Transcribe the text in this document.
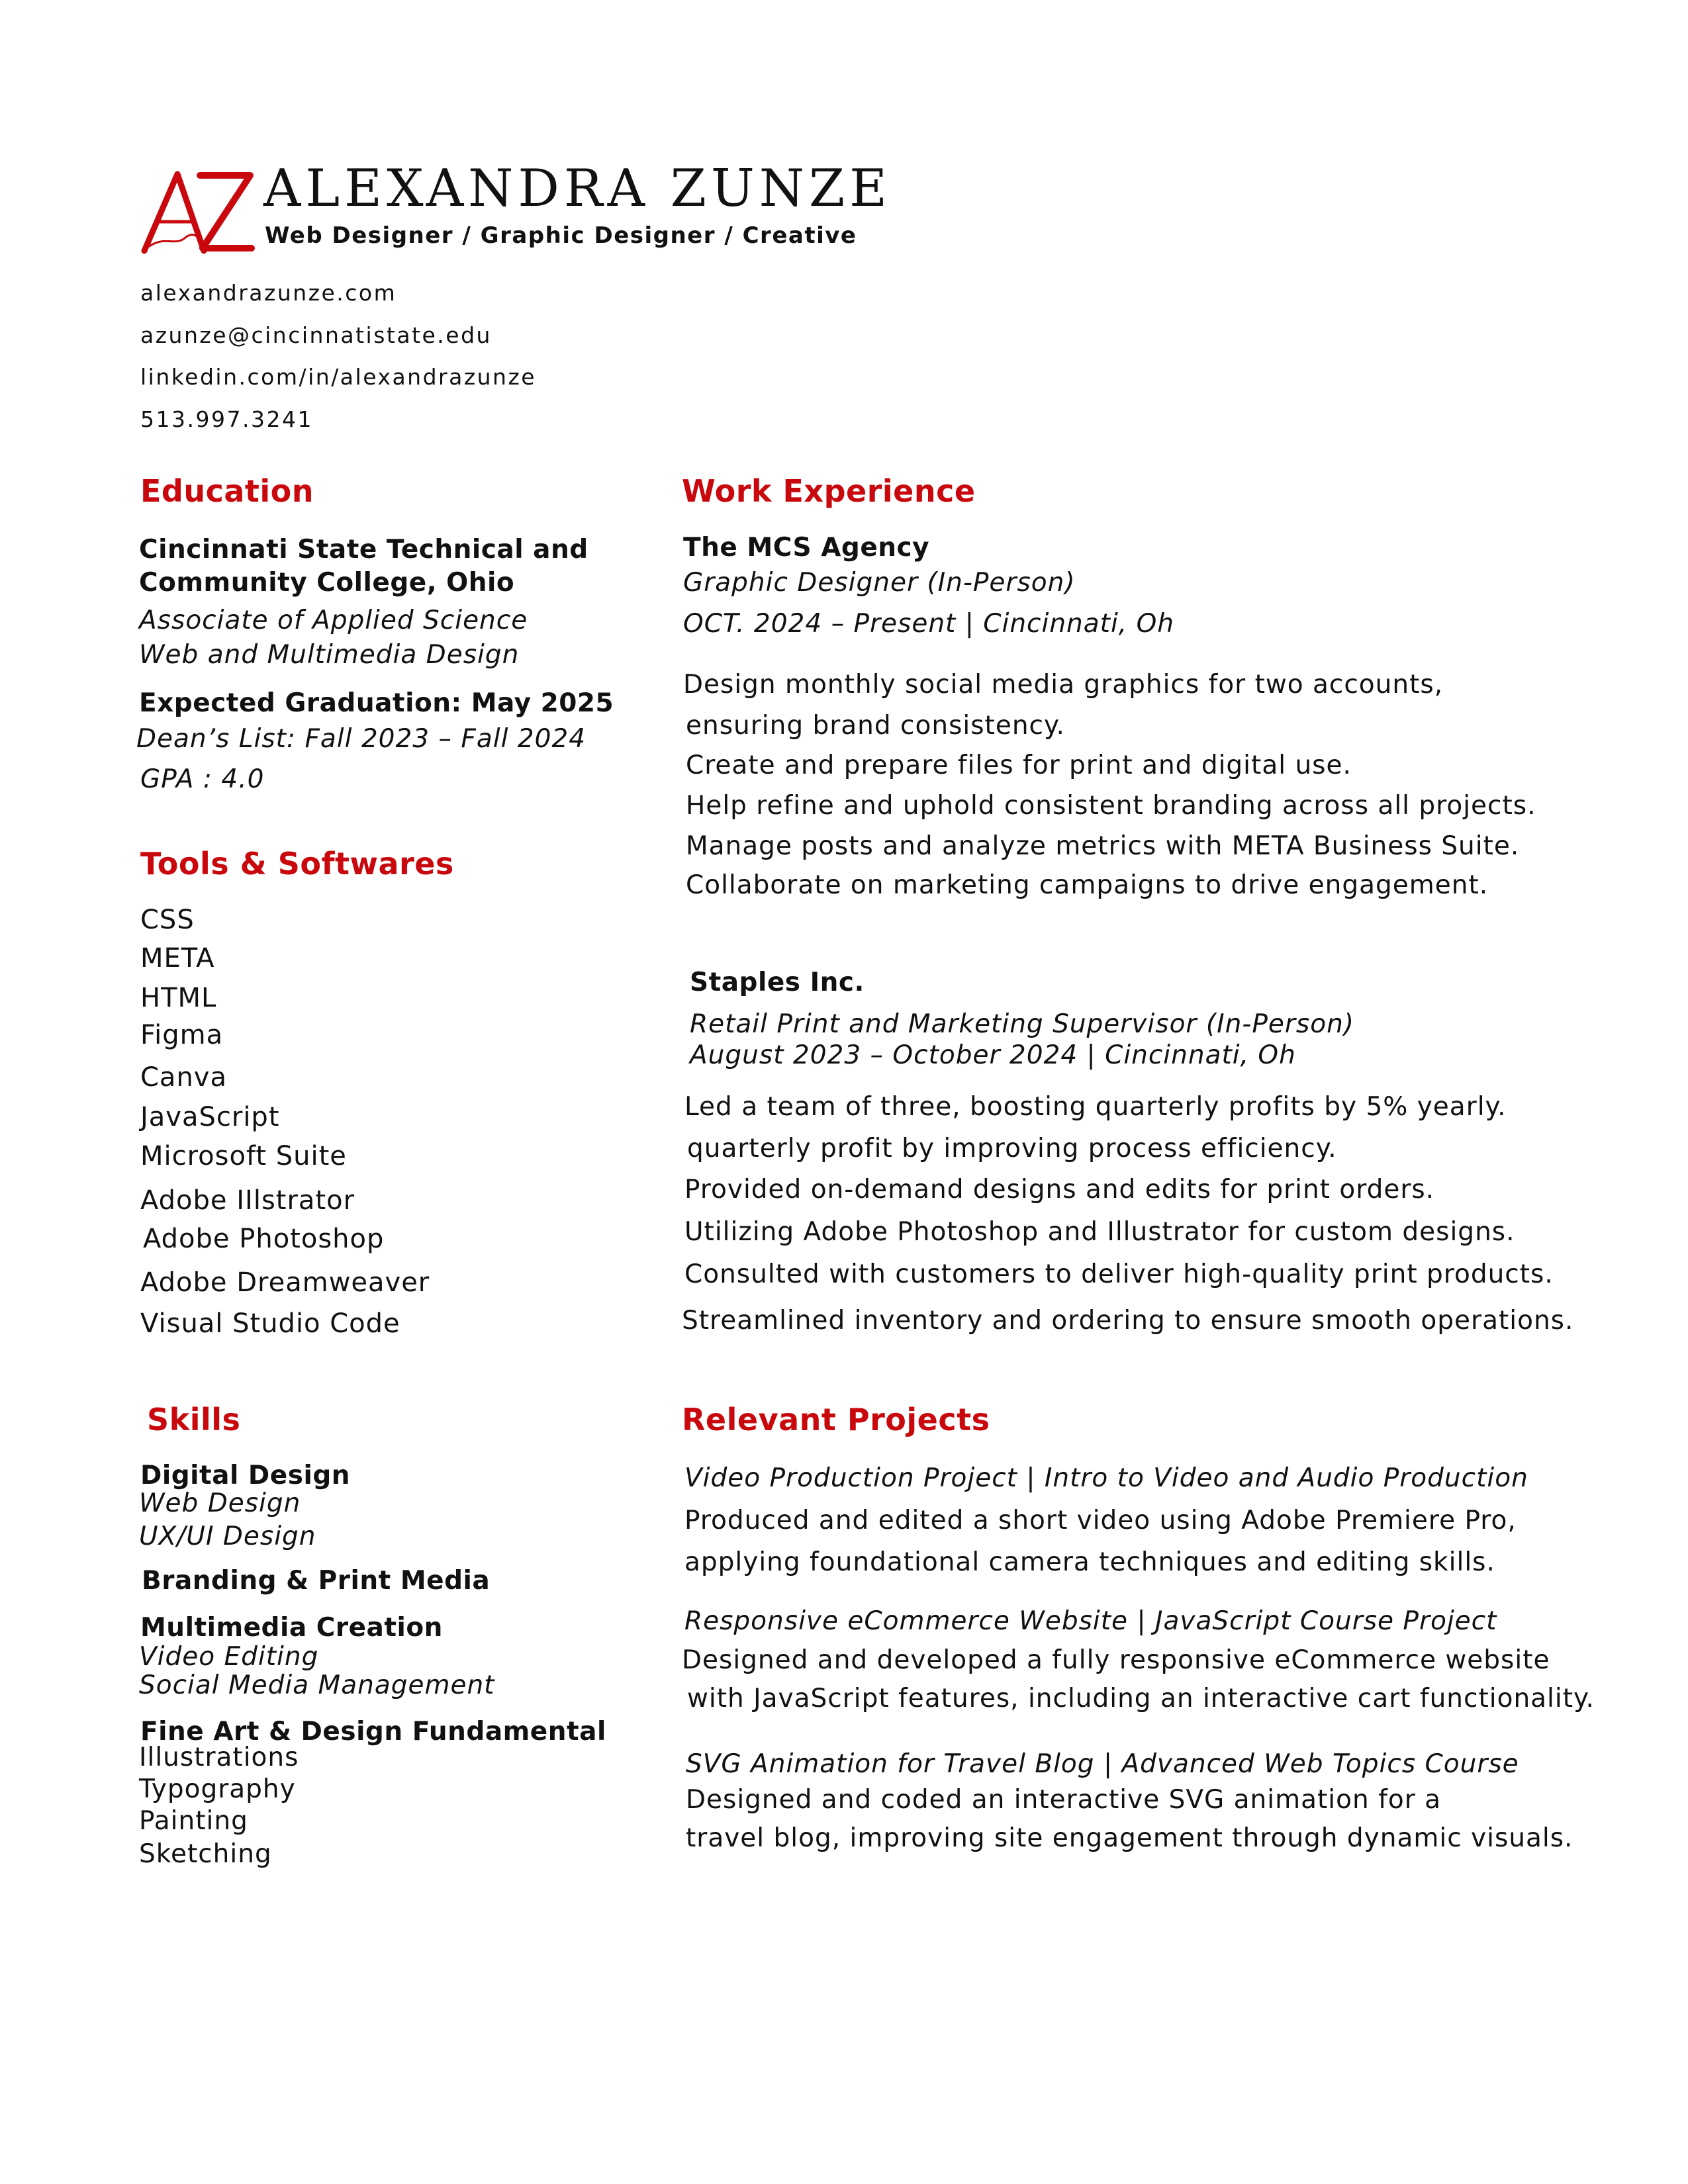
ALEXANDRA ZUNZE
Web Designer / Graphic Designer / Creative
alexandrazunze.com
azunze@cincinnatistate.edu
linkedin.com/in/alexandrazunze
513.997.3241
Education
Cincinnati State Technical and
Community College, Ohio
Associate of Applied Science
Web and Multimedia Design
Expected Graduation: May 2025
Dean’s List: Fall 2023 – Fall 2024
GPA : 4.0
Tools & Softwares
CSS
META
HTML
Figma
Canva
JavaScript
Microsoft Suite
Adobe IIlstrator
Adobe Photoshop
Adobe Dreamweaver
Visual Studio Code
Skills
Digital Design
Web Design
UX/UI Design
Branding & Print Media
Multimedia Creation
Video Editing
Social Media Management
Fine Art & Design Fundamental
Illustrations
Typography
Painting
Sketching
Work Experience
The MCS Agency
Graphic Designer (In-Person)
OCT. 2024 – Present | Cincinnati, Oh
Design monthly social media graphics for two accounts,
ensuring brand consistency.
Create and prepare files for print and digital use.
Help refine and uphold consistent branding across all projects.
Manage posts and analyze metrics with META Business Suite.
Collaborate on marketing campaigns to drive engagement.
Staples Inc.
Retail Print and Marketing Supervisor (In-Person)
August 2023 – October 2024 | Cincinnati, Oh
Led a team of three, boosting quarterly profits by 5% yearly.
quarterly profit by improving process efficiency.
Provided on-demand designs and edits for print orders.
Utilizing Adobe Photoshop and Illustrator for custom designs.
Consulted with customers to deliver high-quality print products.
Streamlined inventory and ordering to ensure smooth operations.
Relevant Projects
Video Production Project | Intro to Video and Audio Production
Produced and edited a short video using Adobe Premiere Pro,
applying foundational camera techniques and editing skills.
Responsive eCommerce Website | JavaScript Course Project
Designed and developed a fully responsive eCommerce website
with JavaScript features, including an interactive cart functionality.
SVG Animation for Travel Blog | Advanced Web Topics Course
Designed and coded an interactive SVG animation for a
travel blog, improving site engagement through dynamic visuals.
